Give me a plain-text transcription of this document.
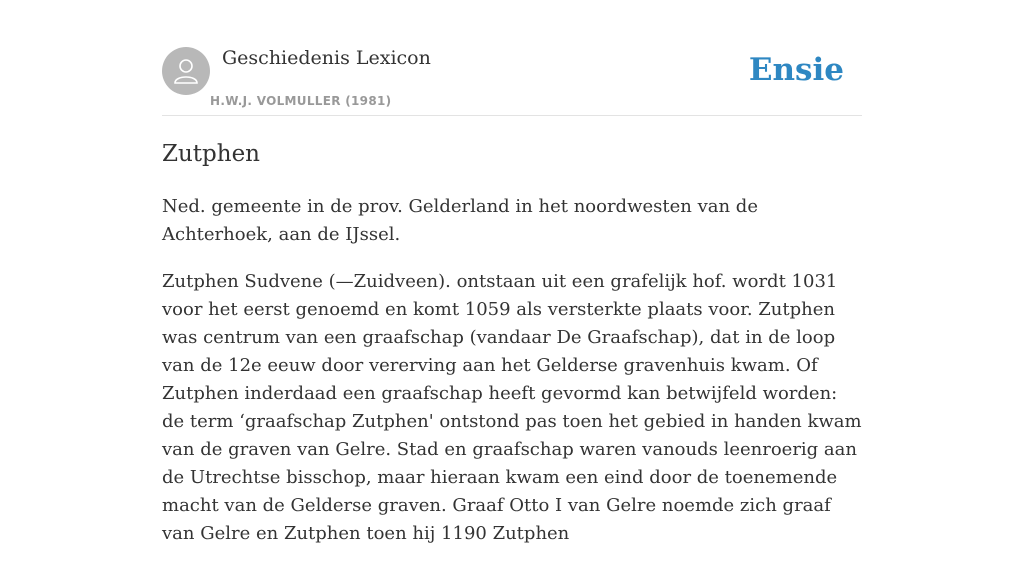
Geschiedenis Lexicon
H.W.J. VOLMULLER (1981)
Ensie
Zutphen

Ned. gemeente in de prov. Gelderland in het noordwesten van de Achterhoek, aan de IJssel.

Zutphen Sudvene (—Zuidveen). ontstaan uit een grafelijk hof. wordt 1031 voor het eerst genoemd en komt 1059 als versterkte plaats voor. Zutphen was centrum van een graafschap (vandaar De Graafschap), dat in de loop van de 12e eeuw door vererving aan het Gelderse gravenhuis kwam. Of Zutphen inderdaad een graafschap heeft gevormd kan betwijfeld worden: de term ‘graafschap Zutphen' ontstond pas toen het gebied in handen kwam van de graven van Gelre. Stad en graafschap waren vanouds leenroerig aan de Utrechtse bisschop, maar hieraan kwam een eind door de toenemende macht van de Gelderse graven. Graaf Otto I van Gelre noemde zich graaf van Gelre en Zutphen toen hij 1190 Zutphen
